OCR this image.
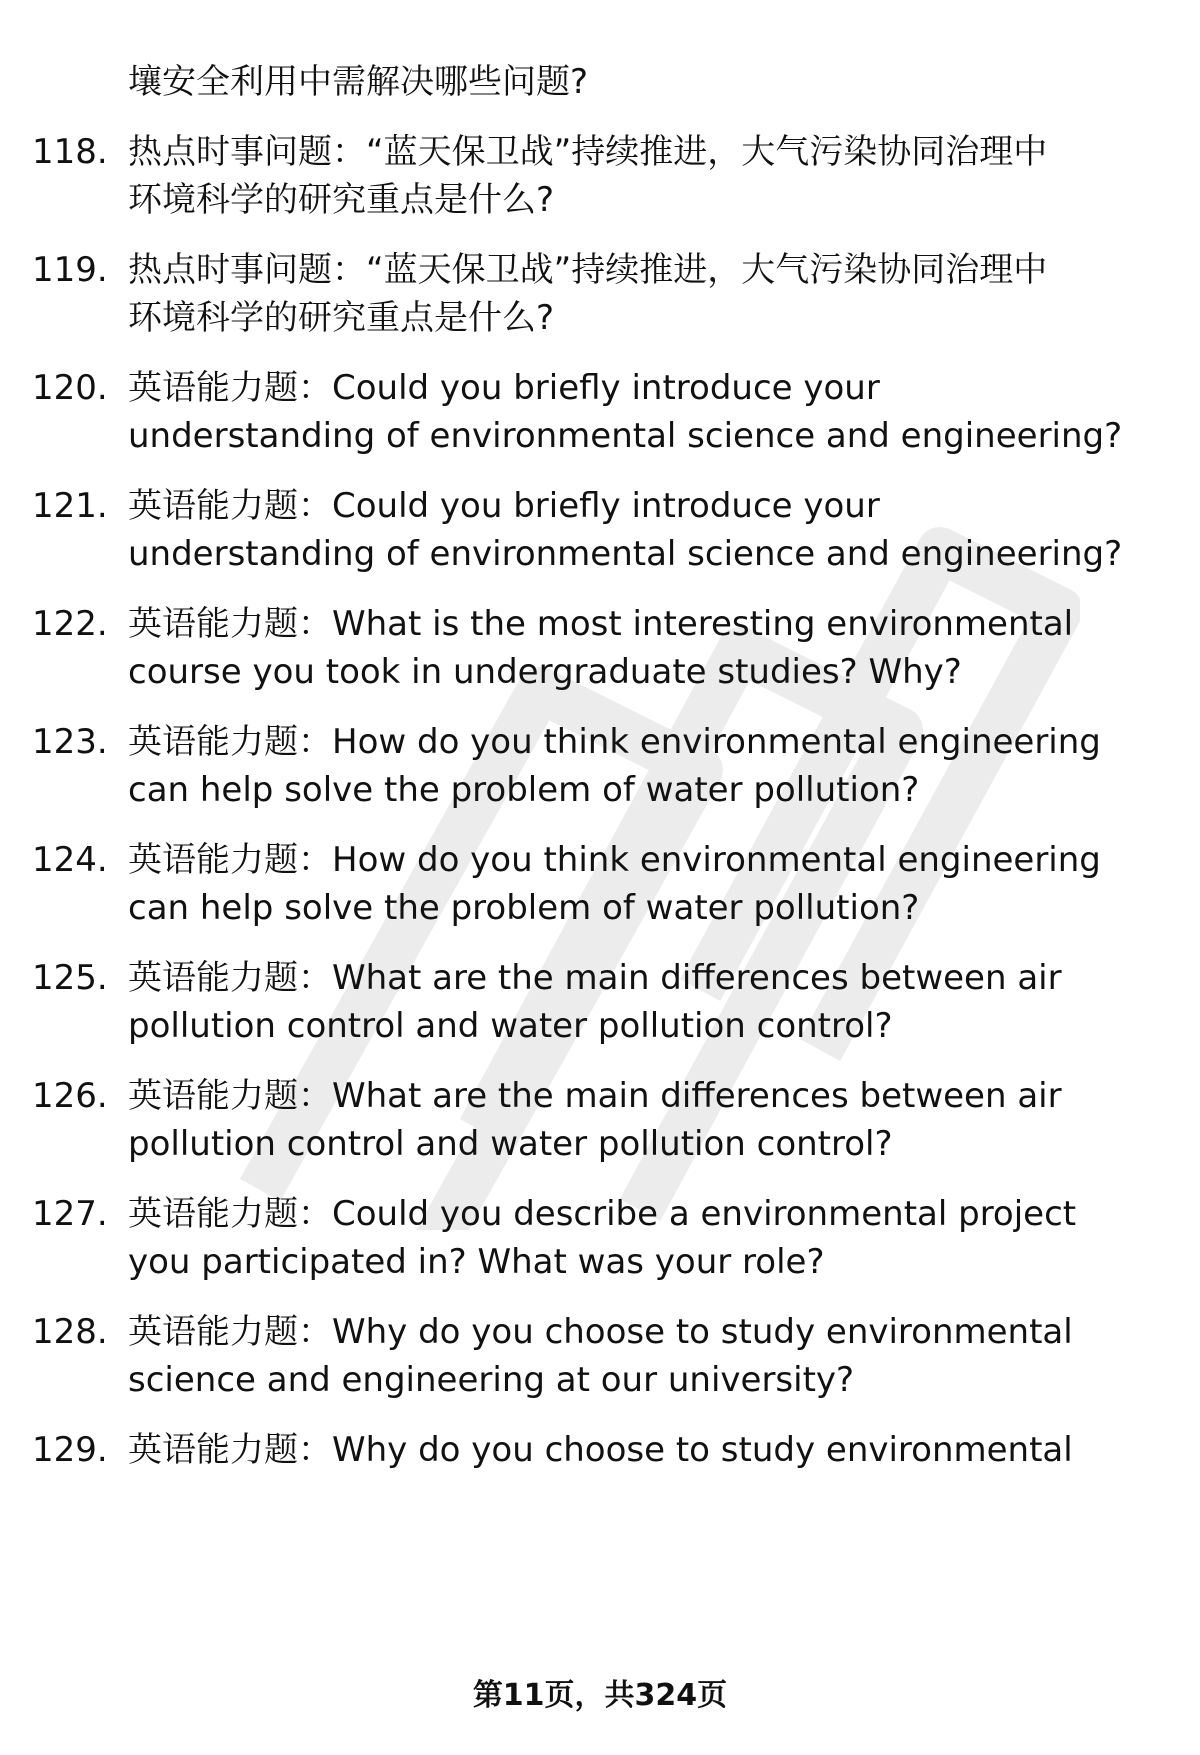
壤安全利用中需解决哪些问题?
118. 热点时事问题：“蓝天保卫战”持续推进，大气污染协同治理中
环境科学的研究重点是什么?
119. 热点时事问题：“蓝天保卫战”持续推进，大气污染协同治理中
环境科学的研究重点是什么?
120. 英语能力题：Could you briefly introduce your
understanding of environmental science and engineering?
121. 英语能力题：Could you briefly introduce your
understanding of environmental science and engineering?
122. 英语能力题：What is the most interesting environmental
course you took in undergraduate studies? Why?
123. 英语能力题：How do you think environmental engineering
can help solve the problem of water pollution?
124. 英语能力题：How do you think environmental engineering
can help solve the problem of water pollution?
125. 英语能力题：What are the main differences between air
pollution control and water pollution control?
126. 英语能力题：What are the main differences between air
pollution control and water pollution control?
127. 英语能力题：Could you describe a environmental project
you participated in? What was your role?
128. 英语能力题：Why do you choose to study environmental
science and engineering at our university?
129. 英语能力题：Why do you choose to study environmental
第11页，共324页
